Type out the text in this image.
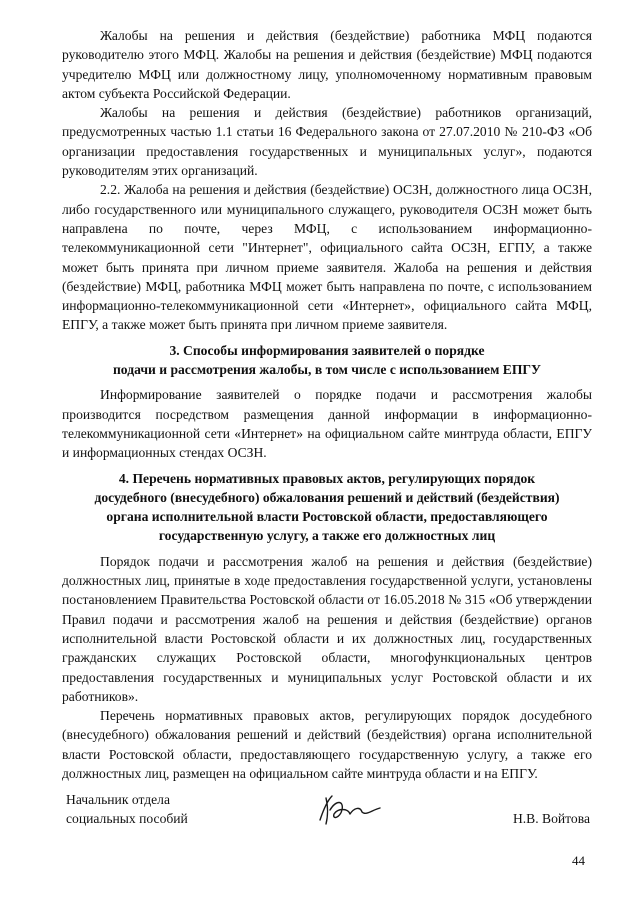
Жалобы на решения и действия (бездействие) работника МФЦ подаются руководителю этого МФЦ. Жалобы на решения и действия (бездействие) МФЦ подаются учредителю МФЦ или должностному лицу, уполномоченному нормативным правовым актом субъекта Российской Федерации.

Жалобы на решения и действия (бездействие) работников организаций, предусмотренных частью 1.1 статьи 16 Федерального закона от 27.07.2010 № 210-ФЗ «Об организации предоставления государственных и муниципальных услуг», подаются руководителям этих организаций.

2.2. Жалоба на решения и действия (бездействие) ОСЗН, должностного лица ОСЗН, либо государственного или муниципального служащего, руководителя ОСЗН может быть направлена по почте, через МФЦ, с использованием информационно-телекоммуникационной сети "Интернет", официального сайта ОСЗН, ЕГПУ, а также может быть принята при личном приеме заявителя. Жалоба на решения и действия (бездействие) МФЦ, работника МФЦ может быть направлена по почте, с использованием информационно-телекоммуникационной сети «Интернет», официального сайта МФЦ, ЕПГУ, а также может быть принята при личном приеме заявителя.

3. Способы информирования заявителей о порядке
подачи и рассмотрения жалобы, в том числе с использованием ЕПГУ

Информирование заявителей о порядке подачи и рассмотрения жалобы производится посредством размещения данной информации в информационно-телекоммуникационной сети «Интернет» на официальном сайте минтруда области, ЕПГУ и информационных стендах ОСЗН.

4. Перечень нормативных правовых актов, регулирующих порядок
досудебного (внесудебного) обжалования решений и действий (бездействия)
органа исполнительной власти Ростовской области, предоставляющего
государственную услугу, а также его должностных лиц

Порядок подачи и рассмотрения жалоб на решения и действия (бездействие) должностных лиц, принятые в ходе предоставления государственной услуги, установлены постановлением Правительства Ростовской области от 16.05.2018 № 315 «Об утверждении Правил подачи и рассмотрения жалоб на решения и действия (бездействие) органов исполнительной власти Ростовской области и их должностных лиц, государственных гражданских служащих Ростовской области, многофункциональных центров предоставления государственных и муниципальных услуг Ростовской области и их работников».

Перечень нормативных правовых актов, регулирующих порядок досудебного (внесудебного) обжалования решений и действий (бездействия) органа исполнительной власти Ростовской области, предоставляющего государственную услугу, а также его должностных лиц, размещен на официальном сайте минтруда области и на ЕПГУ.

Начальник отдела
социальных пособий	Н.В. Войтова
44
